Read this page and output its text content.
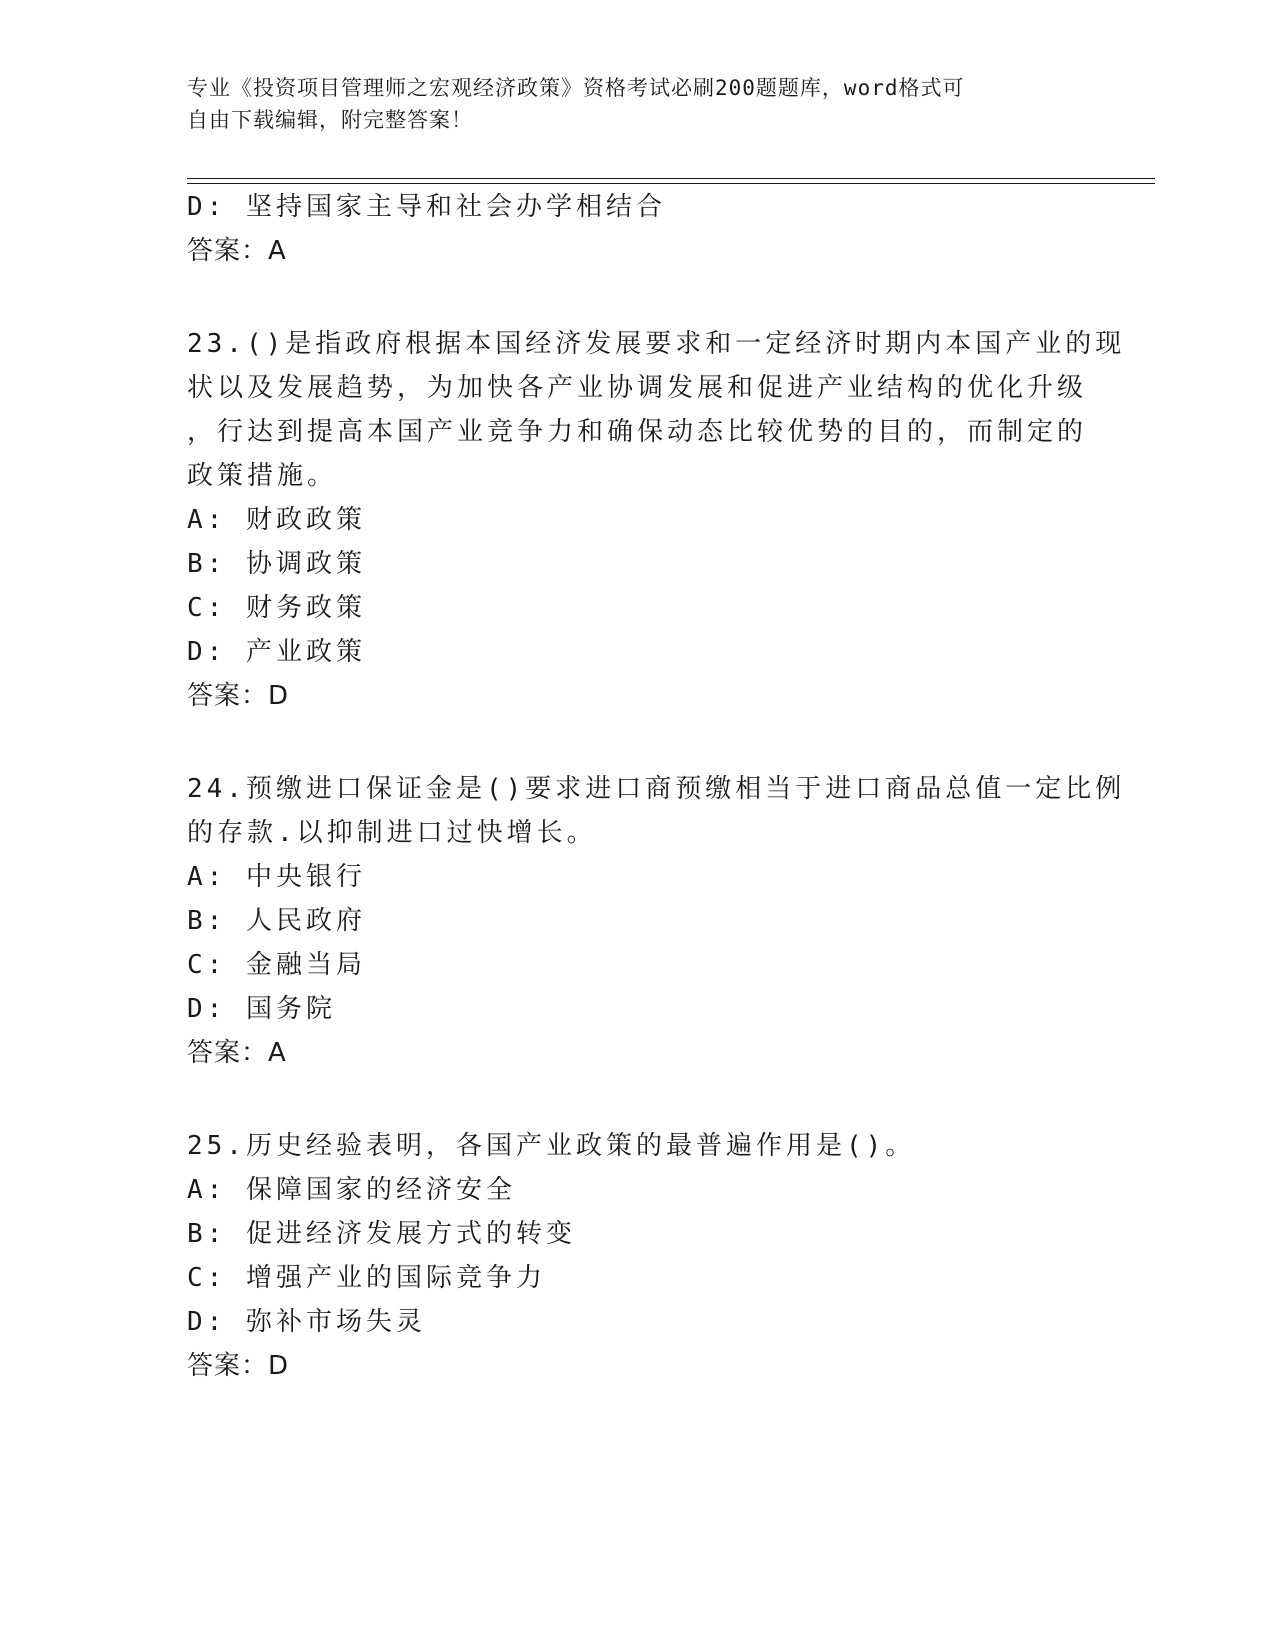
专业《投资项目管理师之宏观经济政策》资格考试必刷200题题库，word格式可
自由下载编辑，附完整答案！
D: 坚持国家主导和社会办学相结合
答案：A
23.()是指政府根据本国经济发展要求和一定经济时期内本国产业的现
状以及发展趋势，为加快各产业协调发展和促进产业结构的优化升级
，行达到提高本国产业竞争力和确保动态比较优势的目的，而制定的
政策措施。
A: 财政政策
B: 协调政策
C: 财务政策
D: 产业政策
答案：D
24.预缴进口保证金是()要求进口商预缴相当于进口商品总值一定比例
的存款.以抑制进口过快增长。
A: 中央银行
B: 人民政府
C: 金融当局
D: 国务院
答案：A
25.历史经验表明，各国产业政策的最普遍作用是()。
A: 保障国家的经济安全
B: 促进经济发展方式的转变
C: 增强产业的国际竞争力
D: 弥补市场失灵
答案：D
